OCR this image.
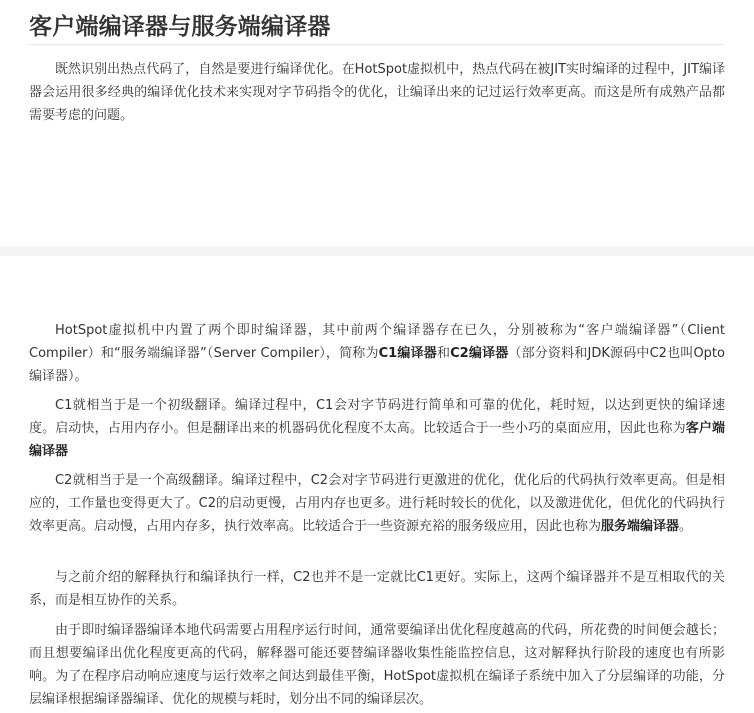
客户端编译器与服务端编译器

既然识别出热点代码了，自然是要进行编译优化。在HotSpot虚拟机中，热点代码在被JIT实时编译的过程中，JIT编译器会运用很多经典的编译优化技术来实现对字节码指令的优化，让编译出来的记过运行效率更高。而这是所有成熟产品都需要考虑的问题。

HotSpot虚拟机中内置了两个即时编译器，其中前两个编译器存在已久，分别被称为“客户端编译器”（Client Compiler）和“服务端编译器”（Server Compiler），简称为C1编译器和C2编译器（部分资料和JDK源码中C2也叫Opto编译器）。

C1就相当于是一个初级翻译。编译过程中，C1会对字节码进行简单和可靠的优化，耗时短，以达到更快的编译速度。启动快，占用内存小。但是翻译出来的机器码优化程度不太高。比较适合于一些小巧的桌面应用，因此也称为客户端编译器

C2就相当于是一个高级翻译。编译过程中，C2会对字节码进行更激进的优化，优化后的代码执行效率更高。但是相应的，工作量也变得更大了。C2的启动更慢，占用内存也更多。进行耗时较长的优化，以及激进优化，但优化的代码执行效率更高。启动慢，占用内存多，执行效率高。比较适合于一些资源充裕的服务级应用，因此也称为服务端编译器。

与之前介绍的解释执行和编译执行一样，C2也并不是一定就比C1更好。实际上，这两个编译器并不是互相取代的关系，而是相互协作的关系。

由于即时编译器编译本地代码需要占用程序运行时间，通常要编译出优化程度越高的代码，所花费的时间便会越长；而且想要编译出优化程度更高的代码，解释器可能还要替编译器收集性能监控信息，这对解释执行阶段的速度也有所影响。为了在程序启动响应速度与运行效率之间达到最佳平衡，HotSpot虚拟机在编译子系统中加入了分层编译的功能，分层编译根据编译器编译、优化的规模与耗时，划分出不同的编译层次。
